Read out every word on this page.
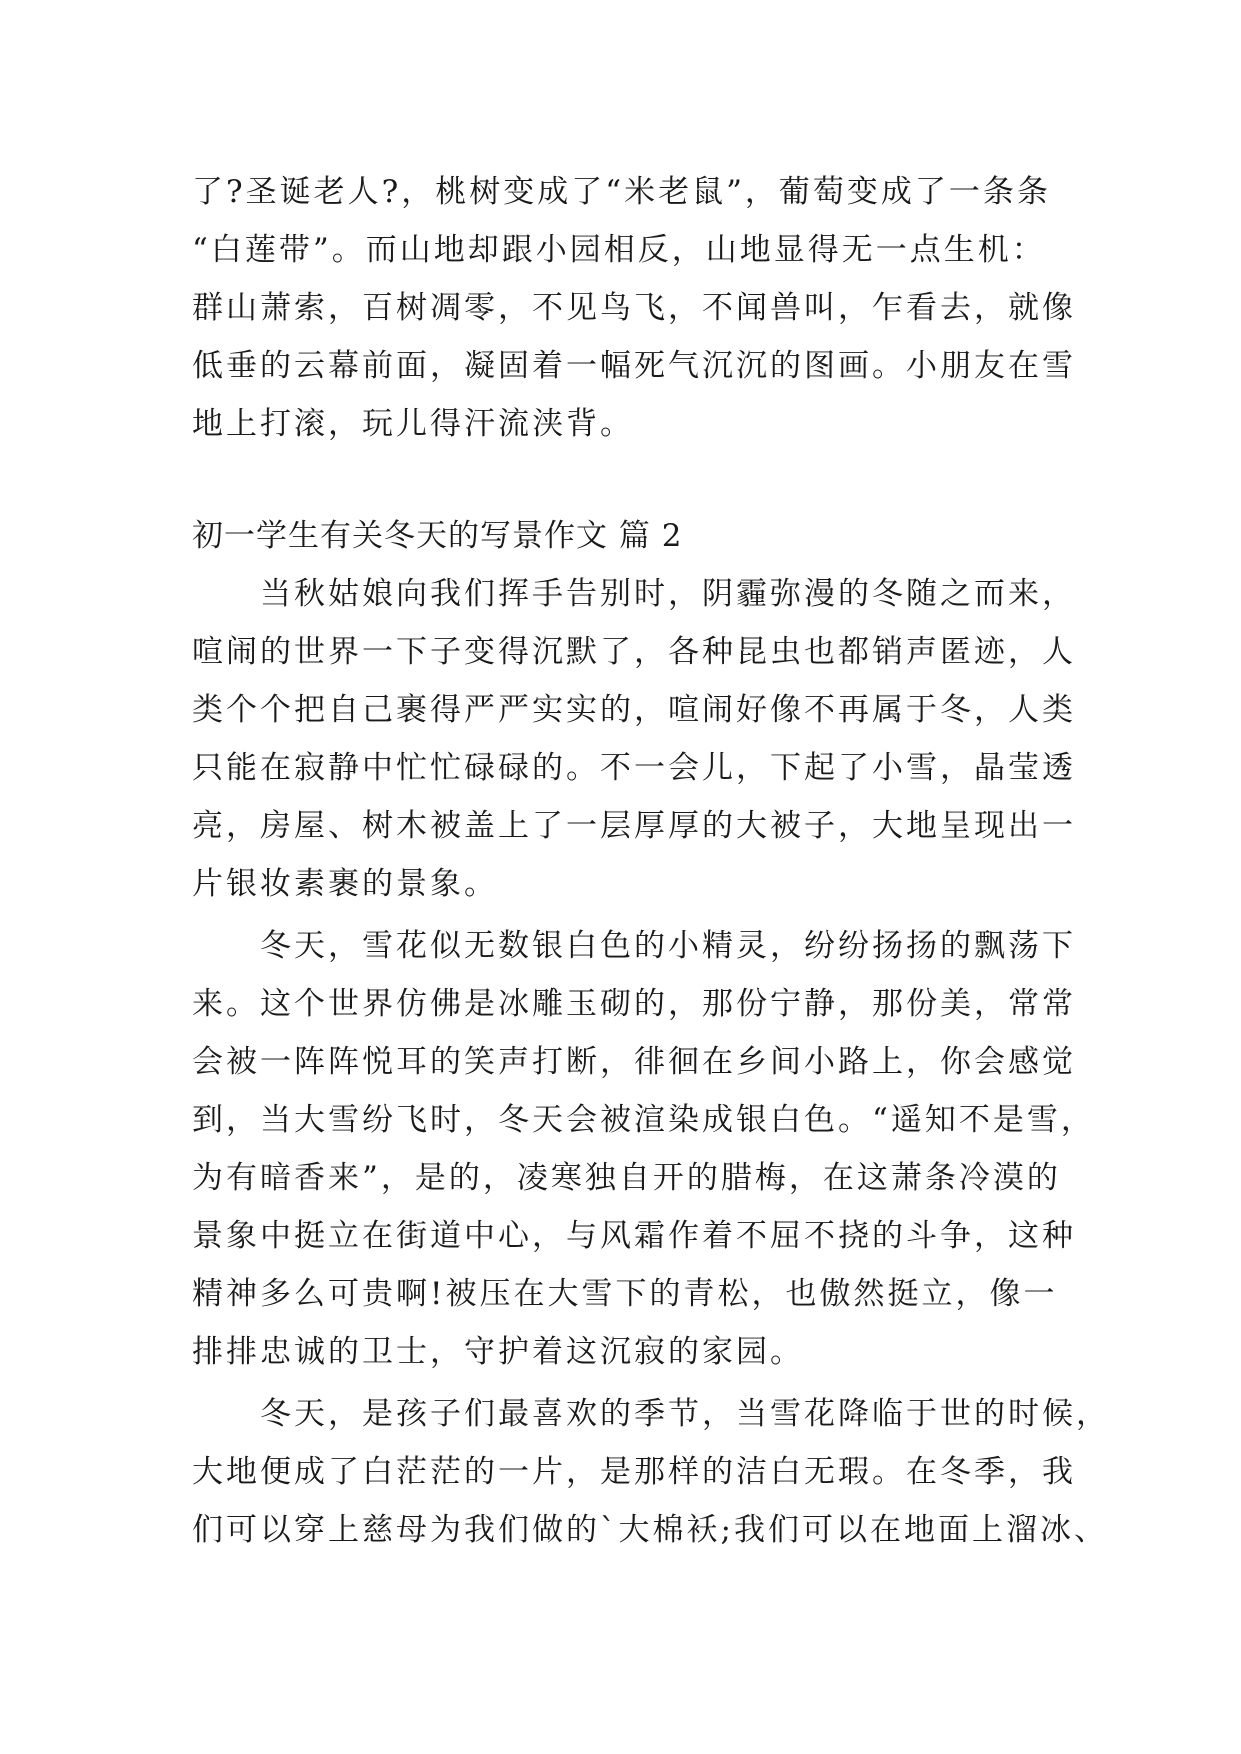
了?圣诞老人?，桃树变成了“米老鼠”，葡萄变成了一条条
“白莲带”。而山地却跟小园相反，山地显得无一点生机：
群山萧索，百树凋零，不见鸟飞，不闻兽叫，乍看去，就像
低垂的云幕前面，凝固着一幅死气沉沉的图画。小朋友在雪
地上打滚，玩儿得汗流浃背。
初一学生有关冬天的写景作文 篇 2
当秋姑娘向我们挥手告别时，阴霾弥漫的冬随之而来，
喧闹的世界一下子变得沉默了，各种昆虫也都销声匿迹，人
类个个把自己裹得严严实实的，喧闹好像不再属于冬，人类
只能在寂静中忙忙碌碌的。不一会儿，下起了小雪，晶莹透
亮，房屋、树木被盖上了一层厚厚的大被子，大地呈现出一
片银妆素裹的景象。
冬天，雪花似无数银白色的小精灵，纷纷扬扬的飘荡下
来。这个世界仿佛是冰雕玉砌的，那份宁静，那份美，常常
会被一阵阵悦耳的笑声打断，徘徊在乡间小路上，你会感觉
到，当大雪纷飞时，冬天会被渲染成银白色。“遥知不是雪，
为有暗香来”，是的，凌寒独自开的腊梅，在这萧条冷漠的
景象中挺立在街道中心，与风霜作着不屈不挠的斗争，这种
精神多么可贵啊!被压在大雪下的青松，也傲然挺立，像一
排排忠诚的卫士，守护着这沉寂的家园。
冬天，是孩子们最喜欢的季节，当雪花降临于世的时候，
大地便成了白茫茫的一片，是那样的洁白无瑕。在冬季，我
们可以穿上慈母为我们做的`大棉袄;我们可以在地面上溜冰、
